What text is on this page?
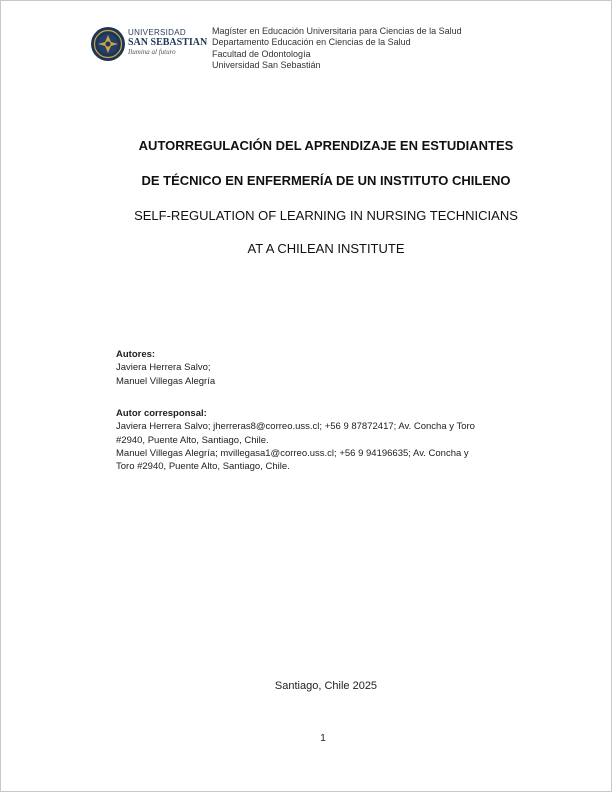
UNIVERSIDAD
SAN SEBASTIAN
Ilumina al futuro
Magíster en Educación Universitaria para Ciencias de la Salud
Departamento Educación en Ciencias de la Salud
Facultad de Odontología
Universidad San Sebastián
AUTORREGULACIÓN DEL APRENDIZAJE EN ESTUDIANTES
DE TÉCNICO EN ENFERMERÍA DE UN INSTITUTO CHILENO
SELF-REGULATION OF LEARNING IN NURSING TECHNICIANS
AT A CHILEAN INSTITUTE
Autores:
Javiera Herrera Salvo;
Manuel Villegas Alegría
Autor corresponsal:
Javiera Herrera Salvo; jherreras8@correo.uss.cl; +56 9 87872417; Av. Concha y Toro
#2940, Puente Alto, Santiago, Chile.
Manuel Villegas Alegría; mvillegasa1@correo.uss.cl; +56 9 94196635; Av. Concha y
Toro #2940, Puente Alto, Santiago, Chile.
Santiago, Chile 2025
1
